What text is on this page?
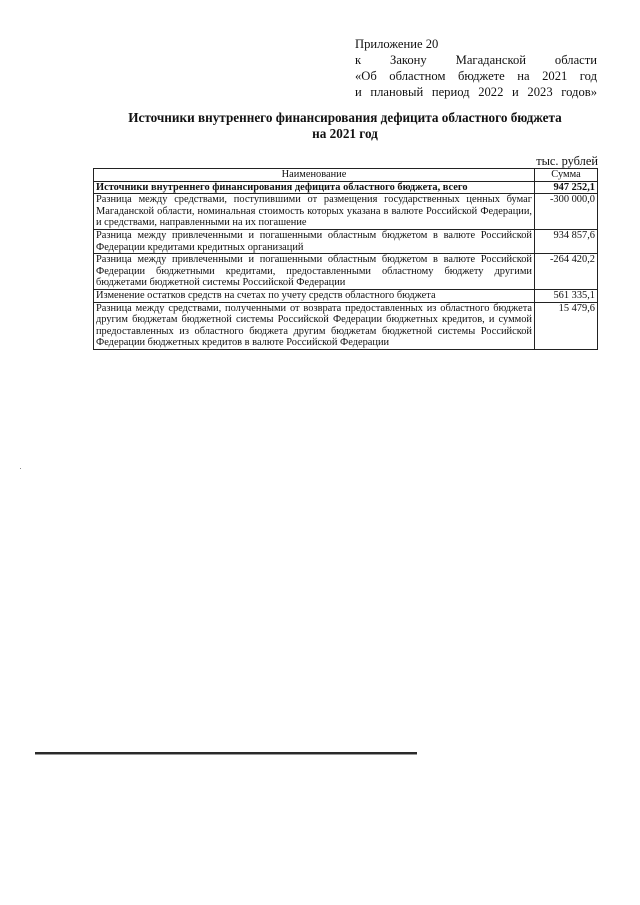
Приложение 20
к Закону Магаданской области
«Об областном бюджете на 2021 год
и плановый период 2022 и 2023 годов»
Источники внутреннего финансирования дефицита областного бюджета
на 2021 год
тыс. рублей
Наименование	Сумма
Источники внутреннего финансирования дефицита областного бюджета, всего	947 252,1
Разница между средствами, поступившими от размещения государственных ценных бумаг Магаданской области, номинальная стоимость которых указана в валюте Российской Федерации, и средствами, направленными на их погашение	-300 000,0
Разница между привлеченными и погашенными областным бюджетом в валюте Российской Федерации кредитами кредитных организаций	934 857,6
Разница между привлеченными и погашенными областным бюджетом в валюте Российской Федерации бюджетными кредитами, предоставленными областному бюджету другими бюджетами бюджетной системы Российской Федерации	-264 420,2
Изменение остатков средств на счетах по учету средств областного бюджета	561 335,1
Разница между средствами, полученными от возврата предоставленных из областного бюджета другим бюджетам бюджетной системы Российской Федерации бюджетных кредитов, и суммой предоставленных из областного бюджета другим бюджетам бюджетной системы Российской Федерации бюджетных кредитов в валюте Российской Федерации	15 479,6
